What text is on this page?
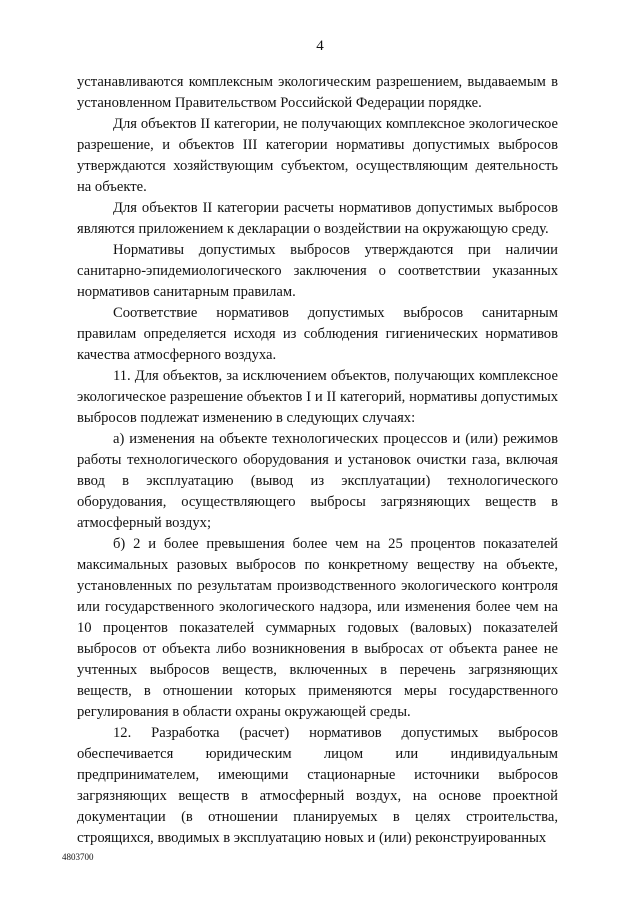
4

устанавливаются комплексным экологическим разрешением, выдаваемым в установленном Правительством Российской Федерации порядке.

Для объектов II категории, не получающих комплексное экологическое разрешение, и объектов III категории нормативы допустимых выбросов утверждаются хозяйствующим субъектом, осуществляющим деятельность на объекте.

Для объектов II категории расчеты нормативов допустимых выбросов являются приложением к декларации о воздействии на окружающую среду.

Нормативы допустимых выбросов утверждаются при наличии санитарно-эпидемиологического заключения о соответствии указанных нормативов санитарным правилам.

Соответствие нормативов допустимых выбросов санитарным правилам определяется исходя из соблюдения гигиенических нормативов качества атмосферного воздуха.

11. Для объектов, за исключением объектов, получающих комплексное экологическое разрешение объектов I и II категорий, нормативы допустимых выбросов подлежат изменению в следующих случаях:

а) изменения на объекте технологических процессов и (или) режимов работы технологического оборудования и установок очистки газа, включая ввод в эксплуатацию (вывод из эксплуатации) технологического оборудования, осуществляющего выбросы загрязняющих веществ в атмосферный воздух;

б) 2 и более превышения более чем на 25 процентов показателей максимальных разовых выбросов по конкретному веществу на объекте, установленных по результатам производственного экологического контроля или государственного экологического надзора, или изменения более чем на 10 процентов показателей суммарных годовых (валовых) показателей выбросов от объекта либо возникновения в выбросах от объекта ранее не учтенных выбросов веществ, включенных в перечень загрязняющих веществ, в отношении которых применяются меры государственного регулирования в области охраны окружающей среды.

12. Разработка (расчет) нормативов допустимых выбросов обеспечивается юридическим лицом или индивидуальным предпринимателем, имеющими стационарные источники выбросов загрязняющих веществ в атмосферный воздух, на основе проектной документации (в отношении планируемых в целях строительства, строящихся, вводимых в эксплуатацию новых и (или) реконструированных

4803700
